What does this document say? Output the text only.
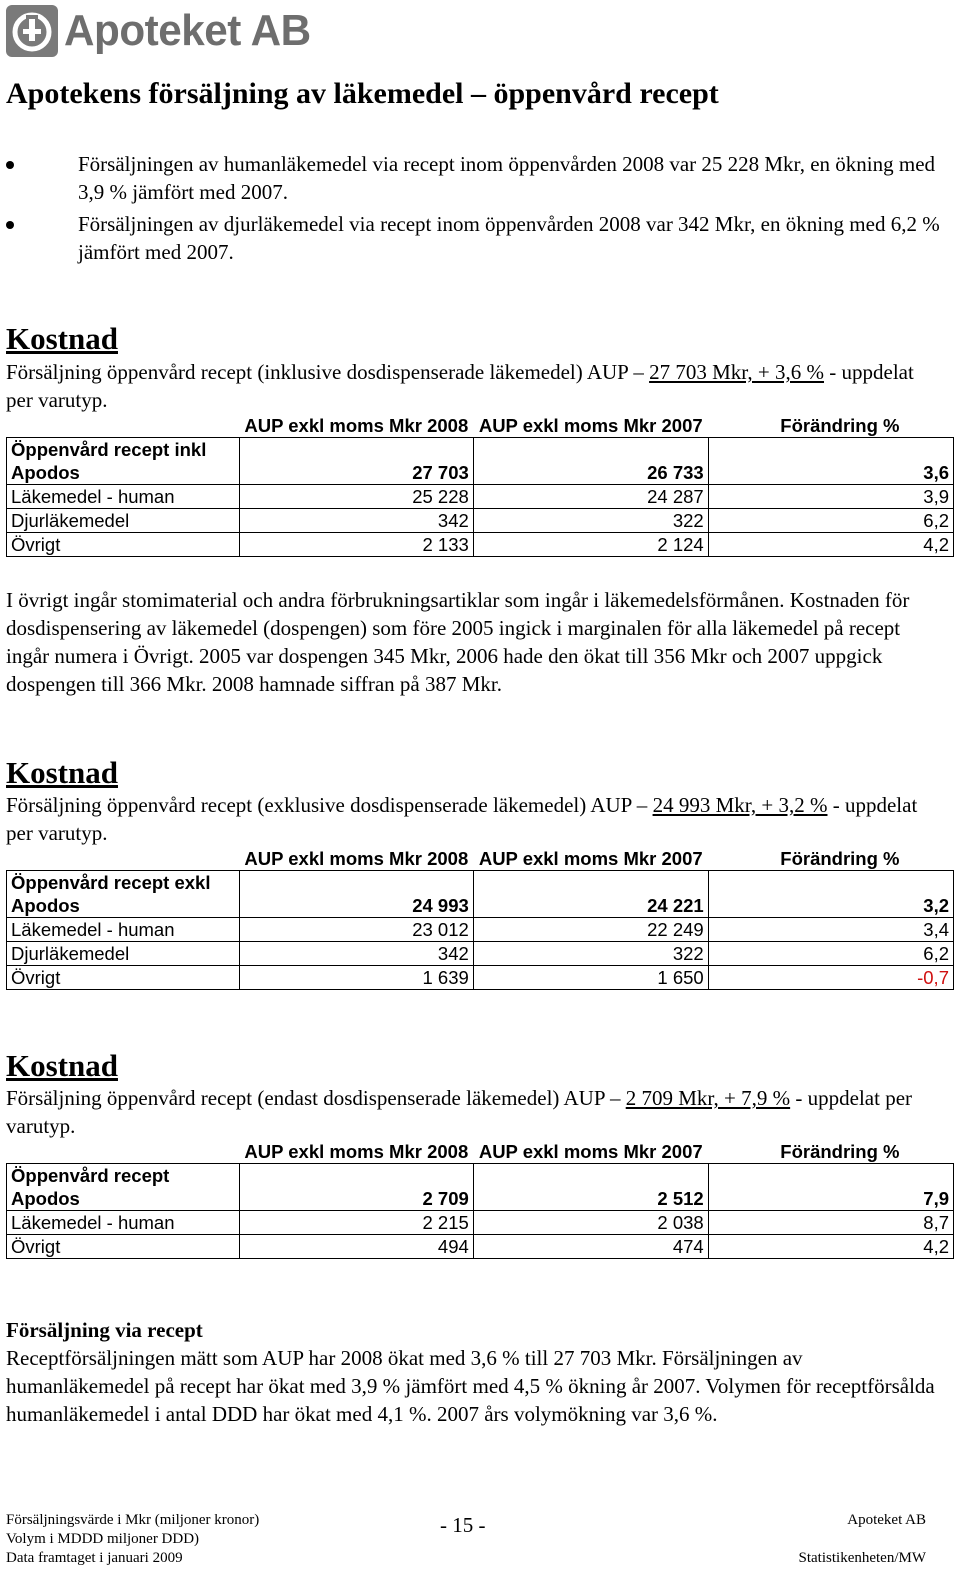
Apoteket AB
Apotekens försäljning av läkemedel – öppenvård recept
Försäljningen av humanläkemedel via recept inom öppenvården 2008 var 25 228 Mkr, en ökning med 3,9 % jämfört med 2007.
Försäljningen av djurläkemedel via recept inom öppenvården 2008 var 342 Mkr, en ökning med 6,2 % jämfört med 2007.
Kostnad

Försäljning öppenvård recept (inklusive dosdispenserade läkemedel) AUP – 27 703 Mkr, + 3,6 % - uppdelat per varutyp.

	AUP exkl moms Mkr 2008	AUP exkl moms Mkr 2007	Förändring %
Öppenvård recept inkl Apodos	27 703	26 733	3,6
Läkemedel - human	25 228	24 287	3,9
Djurläkemedel	342	322	6,2
Övrigt	2 133	2 124	4,2

I övrigt ingår stomimaterial och andra förbrukningsartiklar som ingår i läkemedelsförmånen. Kostnaden för dosdispensering av läkemedel (dospengen) som före 2005 ingick i marginalen för alla läkemedel på recept ingår numera i Övrigt. 2005 var dospengen 345 Mkr, 2006 hade den ökat till 356 Mkr och 2007 uppgick dospengen till 366 Mkr. 2008 hamnade siffran på 387 Mkr.

Kostnad

Försäljning öppenvård recept (exklusive dosdispenserade läkemedel) AUP – 24 993 Mkr, + 3,2 % - uppdelat per varutyp.

	AUP exkl moms Mkr 2008	AUP exkl moms Mkr 2007	Förändring %
Öppenvård recept exkl Apodos	24 993	24 221	3,2
Läkemedel - human	23 012	22 249	3,4
Djurläkemedel	342	322	6,2
Övrigt	1 639	1 650	-0,7
Kostnad

Försäljning öppenvård recept (endast dosdispenserade läkemedel) AUP – 2 709 Mkr, + 7,9 % - uppdelat per varutyp.

	AUP exkl moms Mkr 2008	AUP exkl moms Mkr 2007	Förändring %
Öppenvård recept Apodos	2 709	2 512	7,9
Läkemedel - human	2 215	2 038	8,7
Övrigt	494	474	4,2

Försäljning via recept

Receptförsäljningen mätt som AUP har 2008 ökat med 3,6 % till 27 703 Mkr. Försäljningen av humanläkemedel på recept har ökat med 3,9 % jämfört med 4,5 % ökning år 2007. Volymen för receptförsålda humanläkemedel i antal DDD har ökat med 4,1 %. 2007 års volymökning var 3,6 %.

Försäljningsvärde i Mkr (miljoner kronor)
Volym i MDDD miljoner DDD)
Data framtaget i januari 2009
- 15 -	Apoteket AB

Statistikenheten/MW
